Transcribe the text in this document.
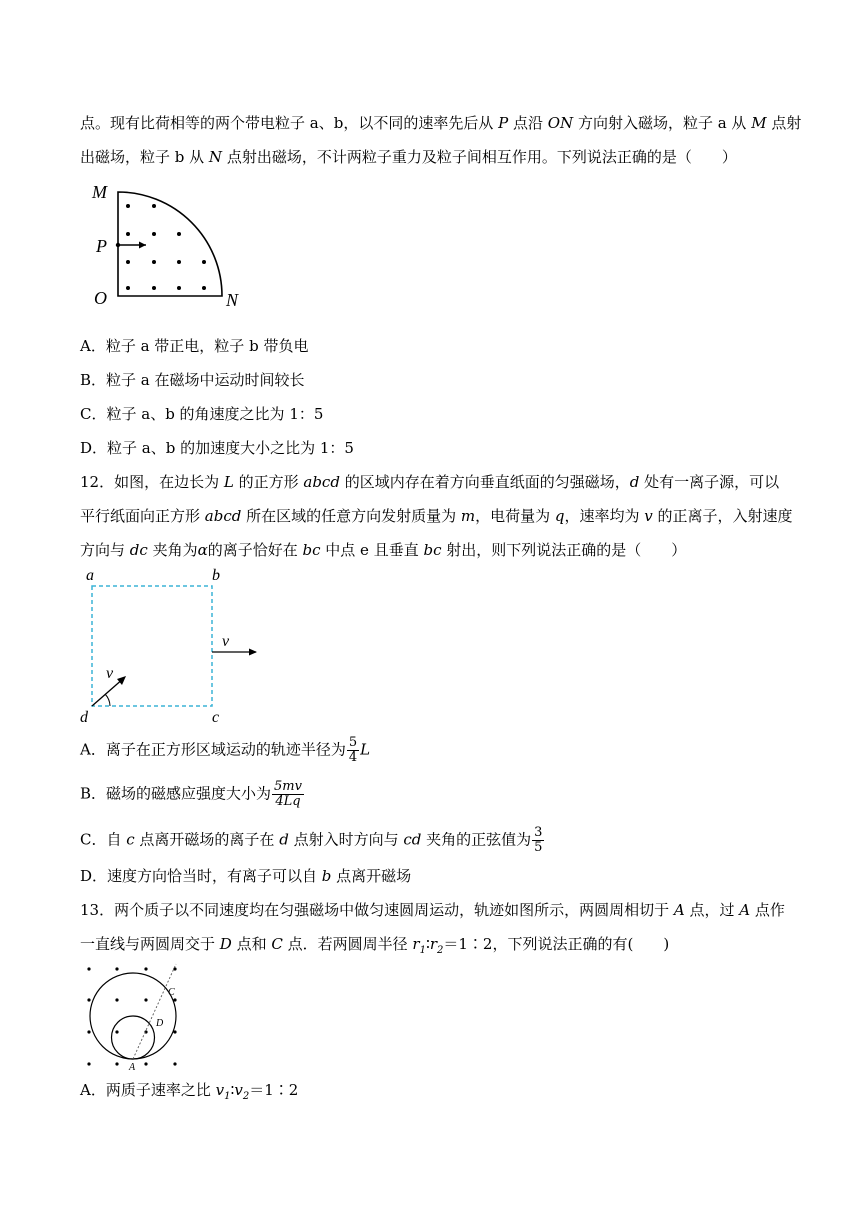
点。现有比荷相等的两个带电粒子 a、b，以不同的速率先后从 P 点沿 ON 方向射入磁场，粒子 a 从 M 点射
出磁场，粒子 b 从 N 点射出磁场，不计两粒子重力及粒子间相互作用。下列说法正确的是（　　）
M
P
O	N
A．粒子 a 带正电，粒子 b 带负电
B．粒子 a 在磁场中运动时间较长
C．粒子 a、b 的角速度之比为 1：5
D．粒子 a、b 的加速度大小之比为 1：5
12．如图，在边长为 L 的正方形 abcd 的区域内存在着方向垂直纸面的匀强磁场，d 处有一离子源，可以
平行纸面向正方形 abcd 所在区域的任意方向发射质量为 m，电荷量为 q，速率均为 v 的正离子，入射速度
方向与 dc 夹角为α的离子恰好在 bc 中点 e 且垂直 bc 射出，则下列说法正确的是（　　）
a	b
d	c
v
v
A．离子在正方形区域运动的轨迹半径为 $\frac{5}{4}$ L
B．磁场的磁感应强度大小为 $\frac{5mv}{4Lq}$
C．自 c 点离开磁场的离子在 d 点射入时方向与 cd 夹角的正弦值为 $\frac{3}{5}$
D．速度方向恰当时，有离子可以自 b 点离开磁场
13．两个质子以不同速度均在匀强磁场中做匀速圆周运动，轨迹如图所示，两圆周相切于 A 点，过 A 点作
一直线与两圆周交于 D 点和 C 点．若两圆周半径 $r_1∶r_2=1∶2$，下列说法正确的有(　　)
C
D
A
A．两质子速率之比 $v_1∶v_2=1∶2$
